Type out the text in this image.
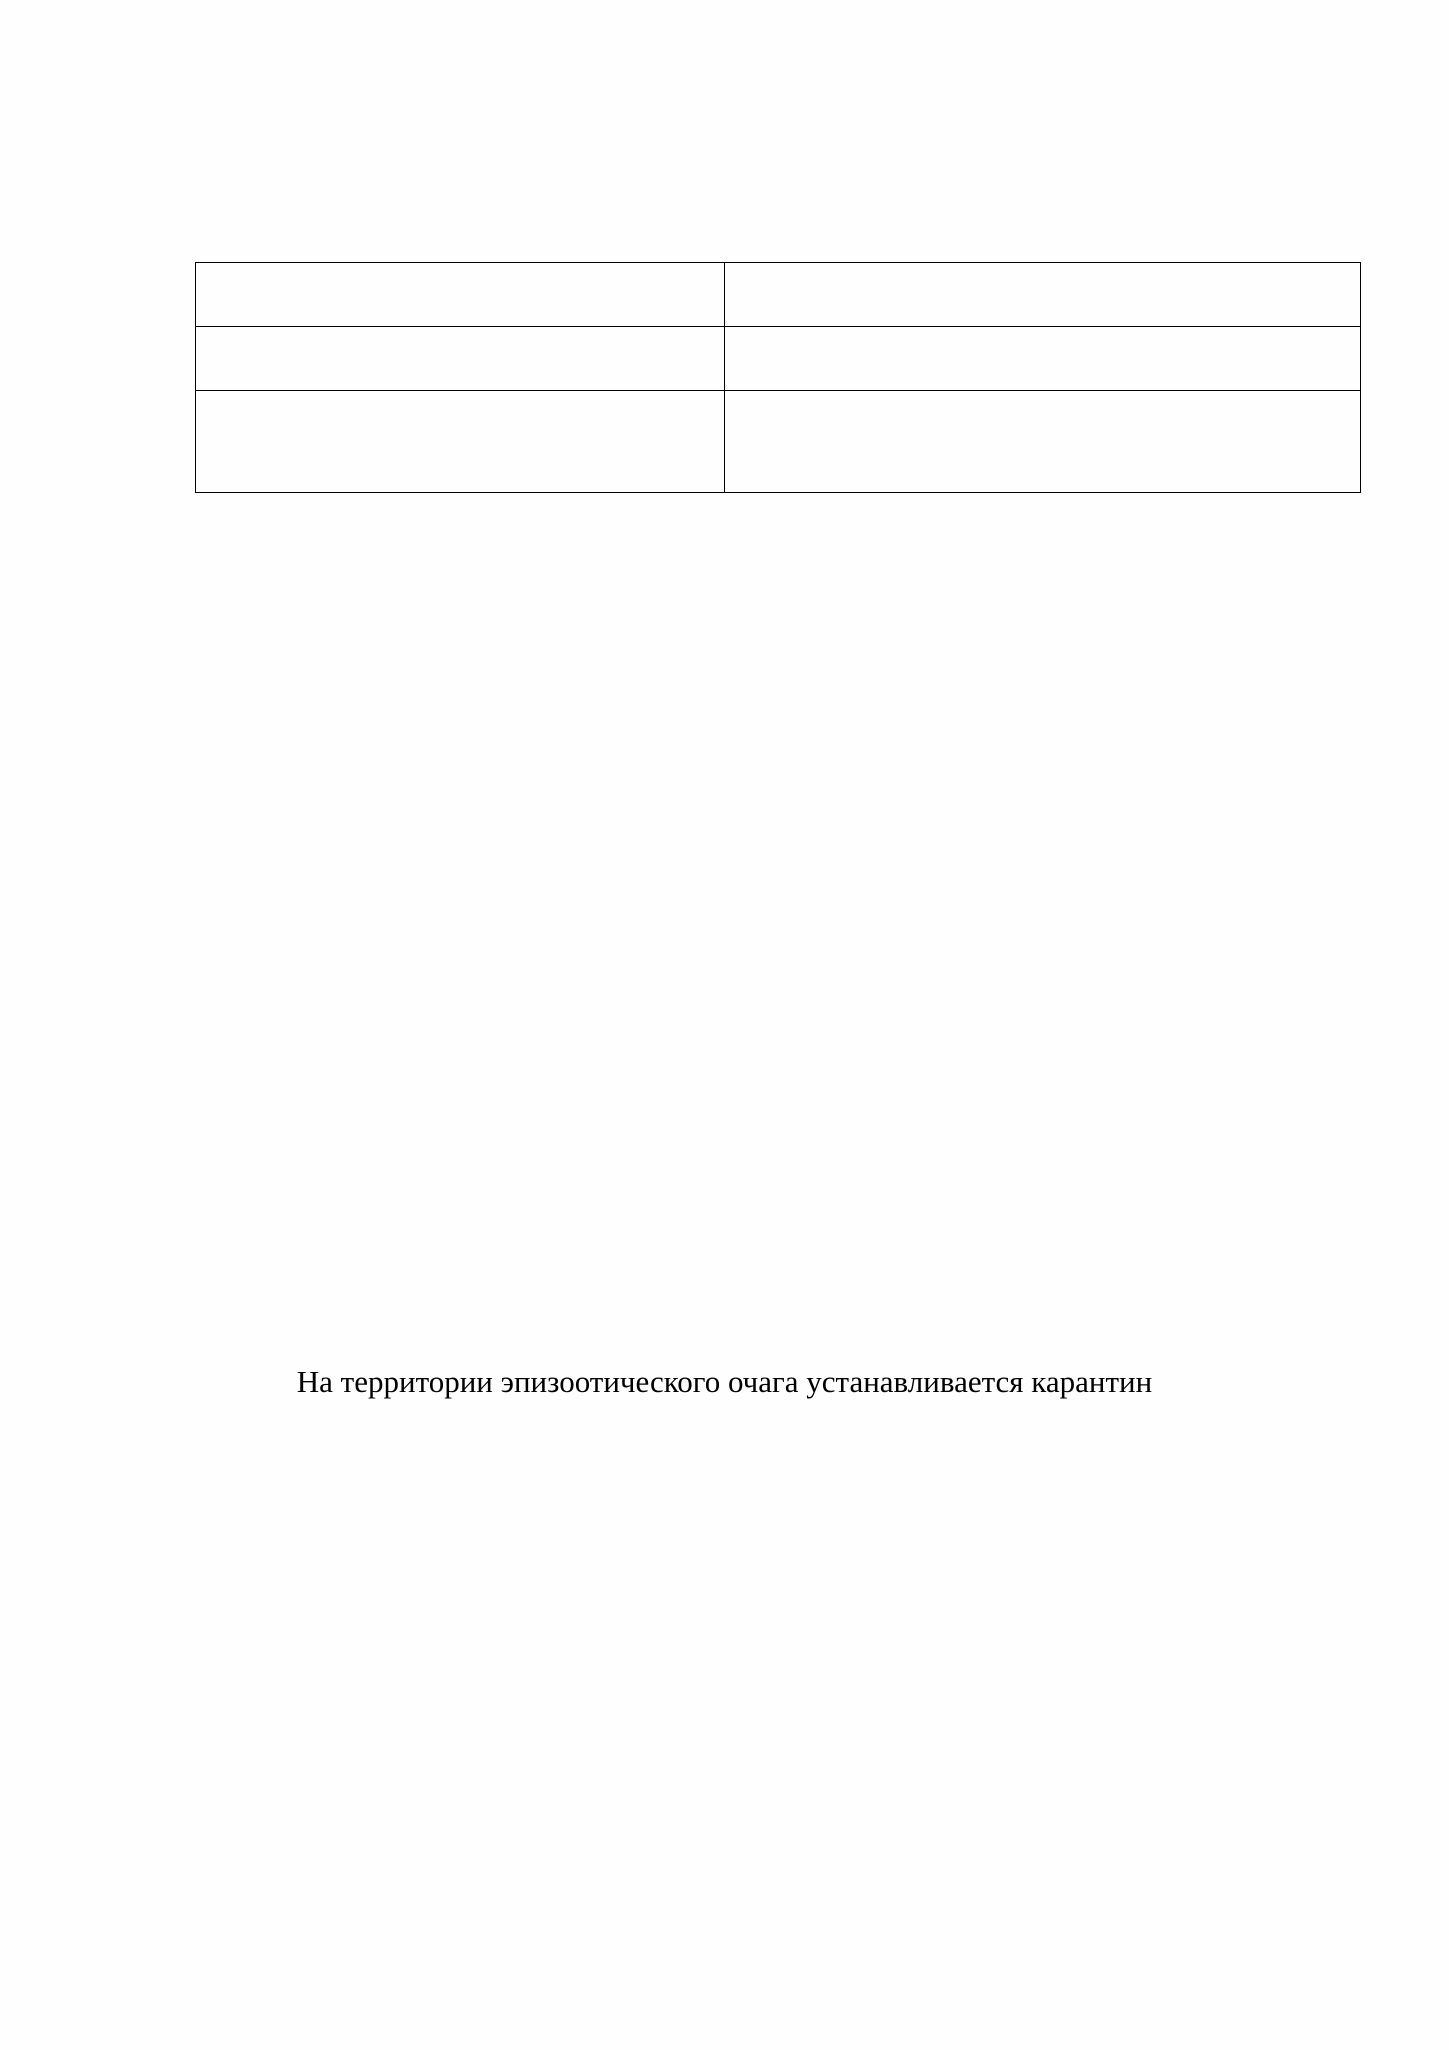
На территории эпизоотического очага устанавливается карантин
